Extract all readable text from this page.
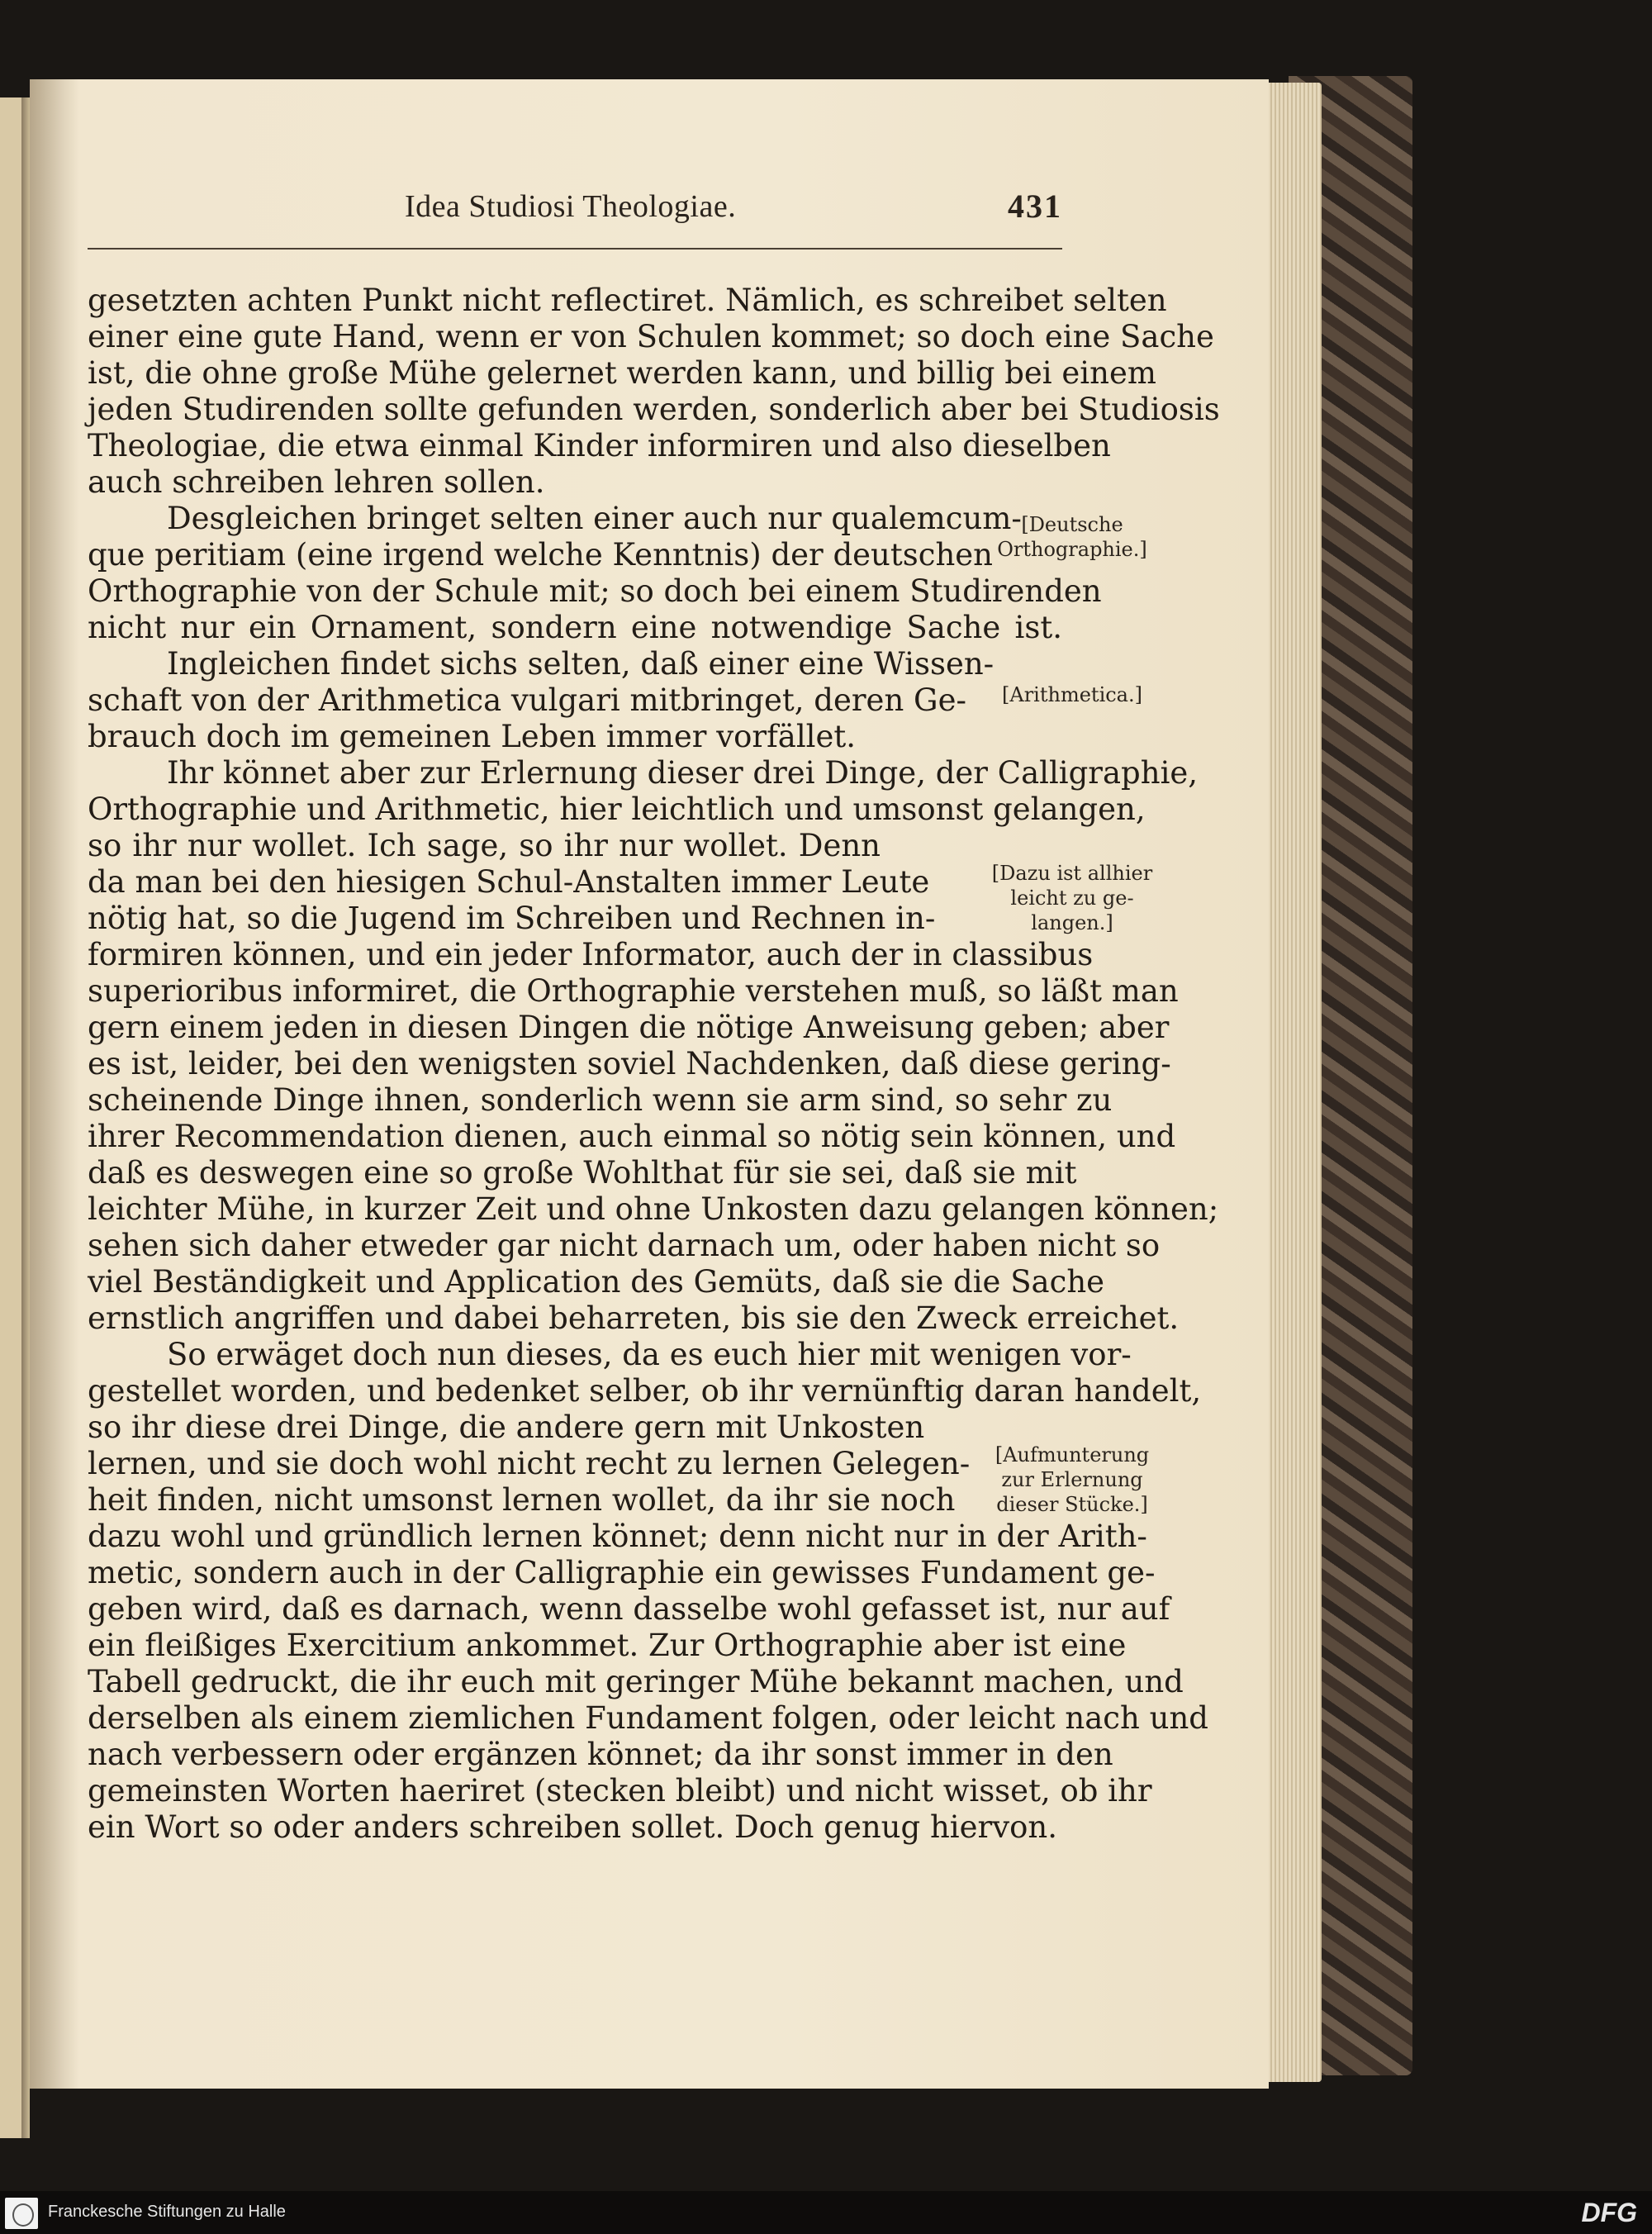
Idea Studiosi Theologiae.	431
gesetzten achten Punkt nicht reflectiret. Nämlich, es schreibet selten
einer eine gute Hand, wenn er von Schulen kommet; so doch eine Sache
ist, die ohne große Mühe gelernet werden kann, und billig bei einem
jeden Studirenden sollte gefunden werden, sonderlich aber bei Studiosis
Theologiae, die etwa einmal Kinder informiren und also dieselben
auch schreiben lehren sollen.
Desgleichen bringet selten einer auch nur qualemcum-
que peritiam (eine irgend welche Kenntnis) der deutschen
Orthographie von der Schule mit; so doch bei einem Studirenden
nicht nur ein Ornament, sondern eine notwendige Sache ist.
Ingleichen findet sichs selten, daß einer eine Wissen-
schaft von der Arithmetica vulgari mitbringet, deren Ge-
brauch doch im gemeinen Leben immer vorfället.
Ihr könnet aber zur Erlernung dieser drei Dinge, der Calligraphie,
Orthographie und Arithmetic, hier leichtlich und umsonst gelangen,
so ihr nur wollet. Ich sage, so ihr nur wollet. Denn
da man bei den hiesigen Schul-Anstalten immer Leute
nötig hat, so die Jugend im Schreiben und Rechnen in-
formiren können, und ein jeder Informator, auch der in classibus
superioribus informiret, die Orthographie verstehen muß, so läßt man
gern einem jeden in diesen Dingen die nötige Anweisung geben; aber
es ist, leider, bei den wenigsten soviel Nachdenken, daß diese gering-
scheinende Dinge ihnen, sonderlich wenn sie arm sind, so sehr zu
ihrer Recommendation dienen, auch einmal so nötig sein können, und
daß es deswegen eine so große Wohlthat für sie sei, daß sie mit
leichter Mühe, in kurzer Zeit und ohne Unkosten dazu gelangen können;
sehen sich daher etweder gar nicht darnach um, oder haben nicht so
viel Beständigkeit und Application des Gemüts, daß sie die Sache
ernstlich angriffen und dabei beharreten, bis sie den Zweck erreichet.
So erwäget doch nun dieses, da es euch hier mit wenigen vor-
gestellet worden, und bedenket selber, ob ihr vernünftig daran handelt,
so ihr diese drei Dinge, die andere gern mit Unkosten
lernen, und sie doch wohl nicht recht zu lernen Gelegen-
heit finden, nicht umsonst lernen wollet, da ihr sie noch
dazu wohl und gründlich lernen könnet; denn nicht nur in der Arith-
metic, sondern auch in der Calligraphie ein gewisses Fundament ge-
geben wird, daß es darnach, wenn dasselbe wohl gefasset ist, nur auf
ein fleißiges Exercitium ankommet. Zur Orthographie aber ist eine
Tabell gedruckt, die ihr euch mit geringer Mühe bekannt machen, und
derselben als einem ziemlichen Fundament folgen, oder leicht nach und
nach verbessern oder ergänzen könnet; da ihr sonst immer in den
gemeinsten Worten haeriret (stecken bleibt) und nicht wisset, ob ihr
ein Wort so oder anders schreiben sollet. Doch genug hiervon.
[Deutsche
Orthographie.]
[Arithmetica.]
[Dazu ist allhier
leicht zu ge-
langen.]
[Aufmunterung
zur Erlernung
dieser Stücke.]
Franckesche Stiftungen zu Halle	DFG
